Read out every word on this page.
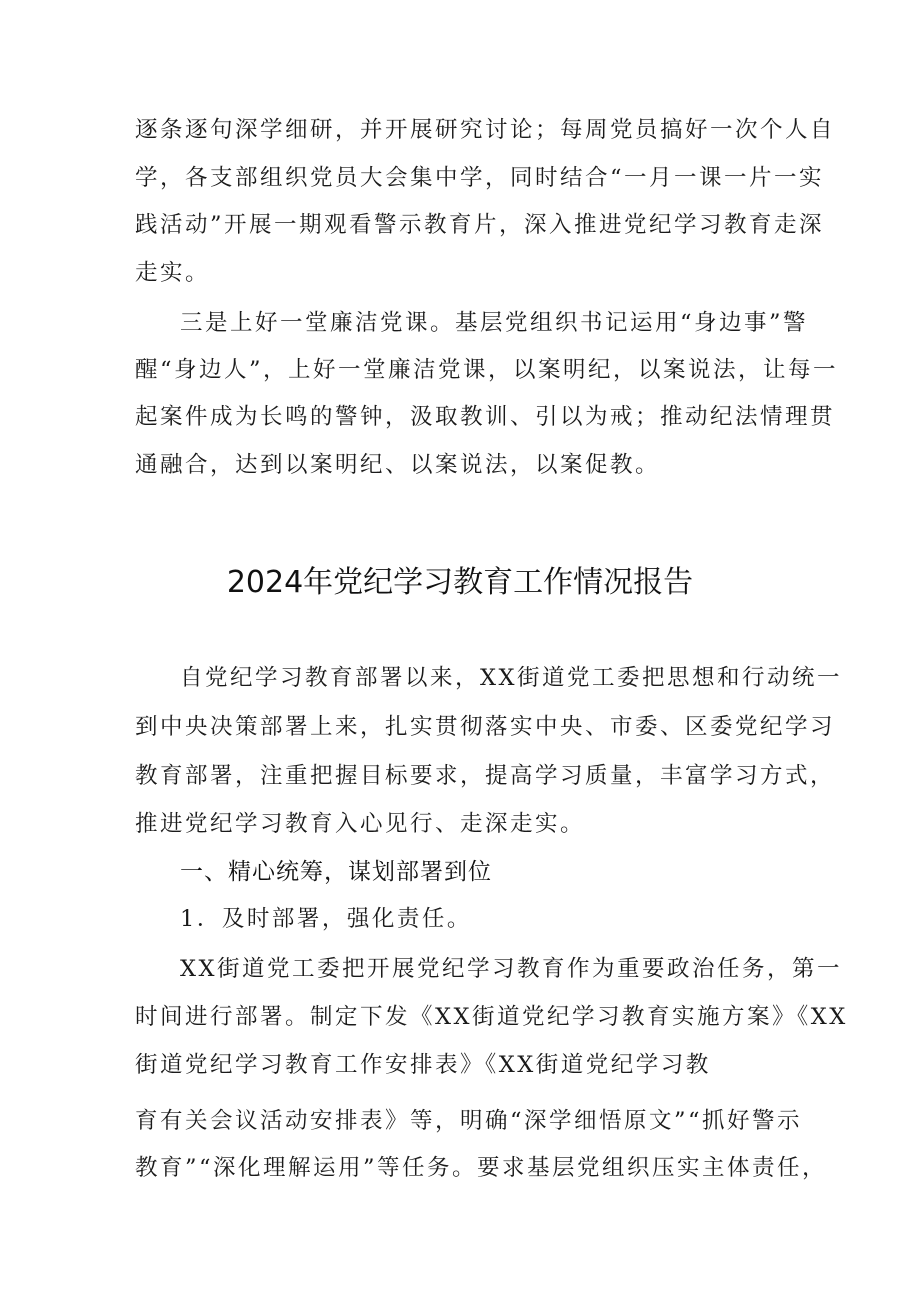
逐条逐句深学细研，并开展研究讨论；每周党员搞好一次个人自
学，各支部组织党员大会集中学，同时结合“一月一课一片一实
践活动”开展一期观看警示教育片，深入推进党纪学习教育走深
走实。
三是上好一堂廉洁党课。基层党组织书记运用“身边事”警
醒“身边人”，上好一堂廉洁党课，以案明纪，以案说法，让每一
起案件成为长鸣的警钟，汲取教训、引以为戒；推动纪法情理贯
通融合，达到以案明纪、以案说法，以案促教。
2024年党纪学习教育工作情况报告
自党纪学习教育部署以来，XX街道党工委把思想和行动统一
到中央决策部署上来，扎实贯彻落实中央、市委、区委党纪学习
教育部署，注重把握目标要求，提高学习质量，丰富学习方式，
推进党纪学习教育入心见行、走深走实。
一、精心统筹，谋划部署到位
1．及时部署，强化责任。
XX街道党工委把开展党纪学习教育作为重要政治任务，第一
时间进行部署。制定下发《XX街道党纪学习教育实施方案》《XX
街道党纪学习教育工作安排表》《XX街道党纪学习教
育有关会议活动安排表》等，明确“深学细悟原文”“抓好警示
教育”“深化理解运用”等任务。要求基层党组织压实主体责任，
